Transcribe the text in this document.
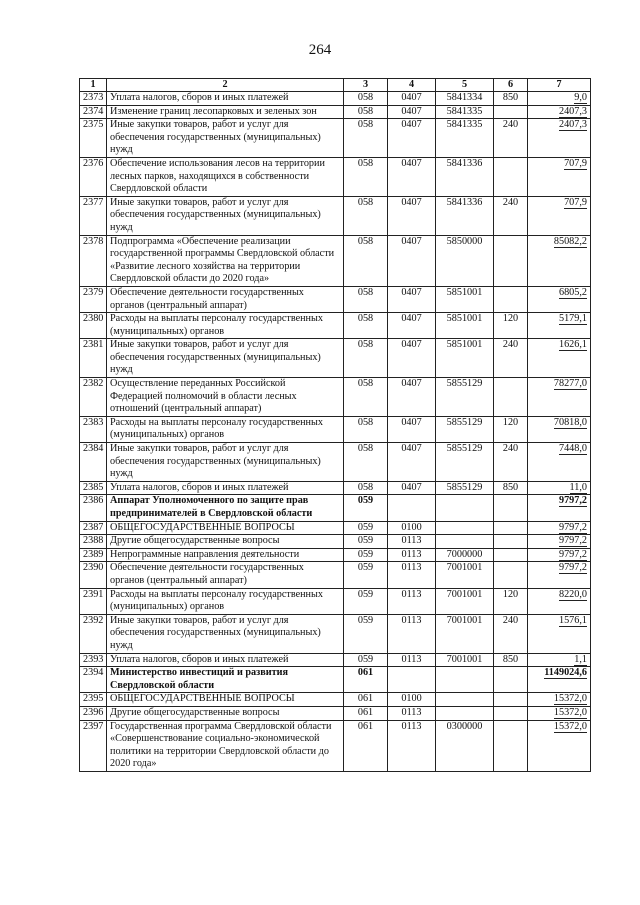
264
1	2	3	4	5	6	7
2373	Уплата налогов, сборов и иных платежей	058	0407	5841334	850	9,0
2374	Изменение границ лесопарковых и зеленых зон	058	0407	5841335		2407,3
2375	Иные закупки товаров, работ и услуг для обеспечения государственных (муниципальных) нужд	058	0407	5841335	240	2407,3
2376	Обеспечение использования лесов на территории лесных парков, находящихся в собственности Свердловской области	058	0407	5841336		707,9
2377	Иные закупки товаров, работ и услуг для обеспечения государственных (муниципальных) нужд	058	0407	5841336	240	707,9
2378	Подпрограмма «Обеспечение реализации государственной программы Свердловской области «Развитие лесного хозяйства на территории Свердловской области до 2020 года»	058	0407	5850000		85082,2
2379	Обеспечение деятельности государственных органов (центральный аппарат)	058	0407	5851001		6805,2
2380	Расходы на выплаты персоналу государственных (муниципальных) органов	058	0407	5851001	120	5179,1
2381	Иные закупки товаров, работ и услуг для обеспечения государственных (муниципальных) нужд	058	0407	5851001	240	1626,1
2382	Осуществление переданных Российской Федерацией полномочий в области лесных отношений (центральный аппарат)	058	0407	5855129		78277,0
2383	Расходы на выплаты персоналу государственных (муниципальных) органов	058	0407	5855129	120	70818,0
2384	Иные закупки товаров, работ и услуг для обеспечения государственных (муниципальных) нужд	058	0407	5855129	240	7448,0
2385	Уплата налогов, сборов и иных платежей	058	0407	5855129	850	11,0
2386	Аппарат Уполномоченного по защите прав предпринимателей в Свердловской области	059				9797,2
2387	ОБЩЕГОСУДАРСТВЕННЫЕ ВОПРОСЫ	059	0100			9797,2
2388	Другие общегосударственные вопросы	059	0113			9797,2
2389	Непрограммные направления деятельности	059	0113	7000000		9797,2
2390	Обеспечение деятельности государственных органов (центральный аппарат)	059	0113	7001001		9797,2
2391	Расходы на выплаты персоналу государственных (муниципальных) органов	059	0113	7001001	120	8220,0
2392	Иные закупки товаров, работ и услуг для обеспечения государственных (муниципальных) нужд	059	0113	7001001	240	1576,1
2393	Уплата налогов, сборов и иных платежей	059	0113	7001001	850	1,1
2394	Министерство инвестиций и развития Свердловской области	061				1149024,6
2395	ОБЩЕГОСУДАРСТВЕННЫЕ ВОПРОСЫ	061	0100			15372,0
2396	Другие общегосударственные вопросы	061	0113			15372,0
2397	Государственная программа Свердловской области «Совершенствование социально-экономической политики на территории Свердловской области до 2020 года»	061	0113	0300000		15372,0
